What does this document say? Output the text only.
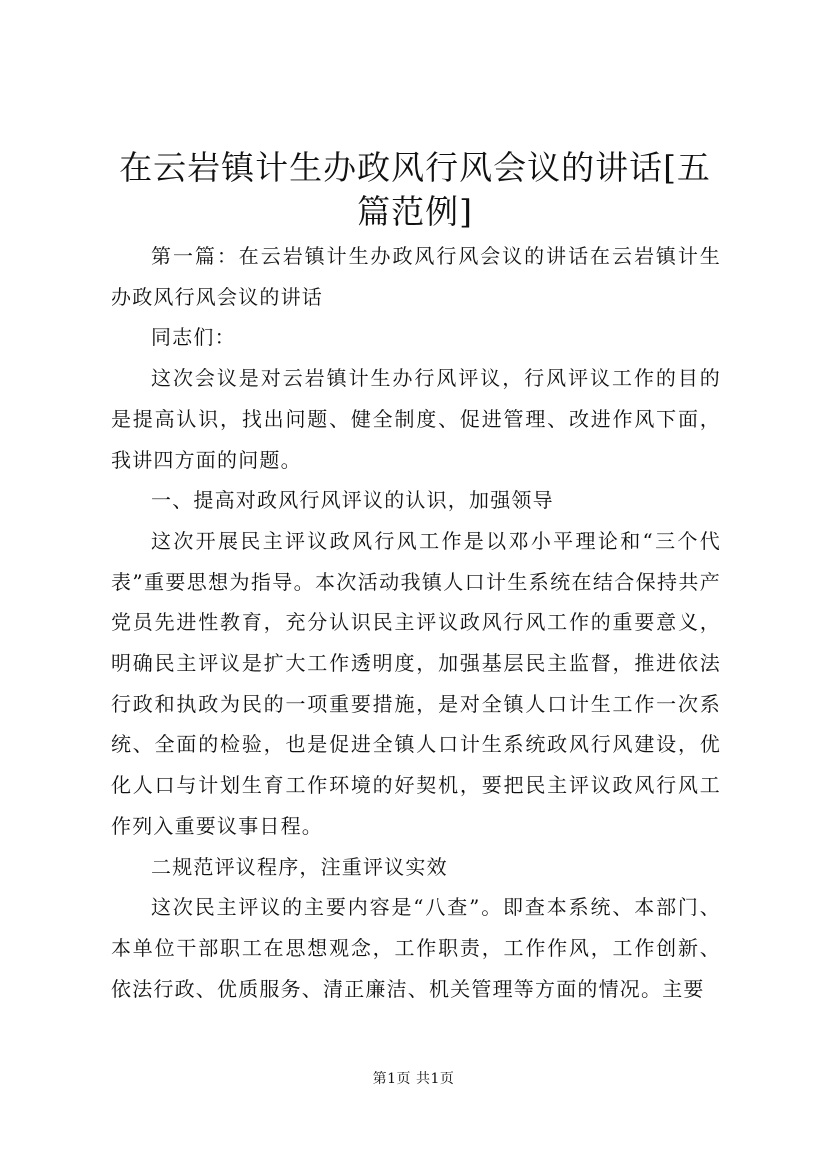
在云岩镇计生办政风行风会议的讲话[五篇范例]

第一篇：在云岩镇计生办政风行风会议的讲话在云岩镇计生办政风行风会议的讲话

同志们：

这次会议是对云岩镇计生办行风评议，行风评议工作的目的是提高认识，找出问题、健全制度、促进管理、改进作风下面，我讲四方面的问题。

一、提高对政风行风评议的认识，加强领导

这次开展民主评议政风行风工作是以邓小平理论和“三个代表”重要思想为指导。本次活动我镇人口计生系统在结合保持共产党员先进性教育，充分认识民主评议政风行风工作的重要意义，明确民主评议是扩大工作透明度，加强基层民主监督，推进依法行政和执政为民的一项重要措施，是对全镇人口计生工作一次系统、全面的检验，也是促进全镇人口计生系统政风行风建设，优化人口与计划生育工作环境的好契机，要把民主评议政风行风工作列入重要议事日程。

二规范评议程序，注重评议实效

这次民主评议的主要内容是“八查”。即查本系统、本部门、本单位干部职工在思想观念，工作职责，工作作风，工作创新、依法行政、优质服务、清正廉洁、机关管理等方面的情况。主要

第1页 共1页
